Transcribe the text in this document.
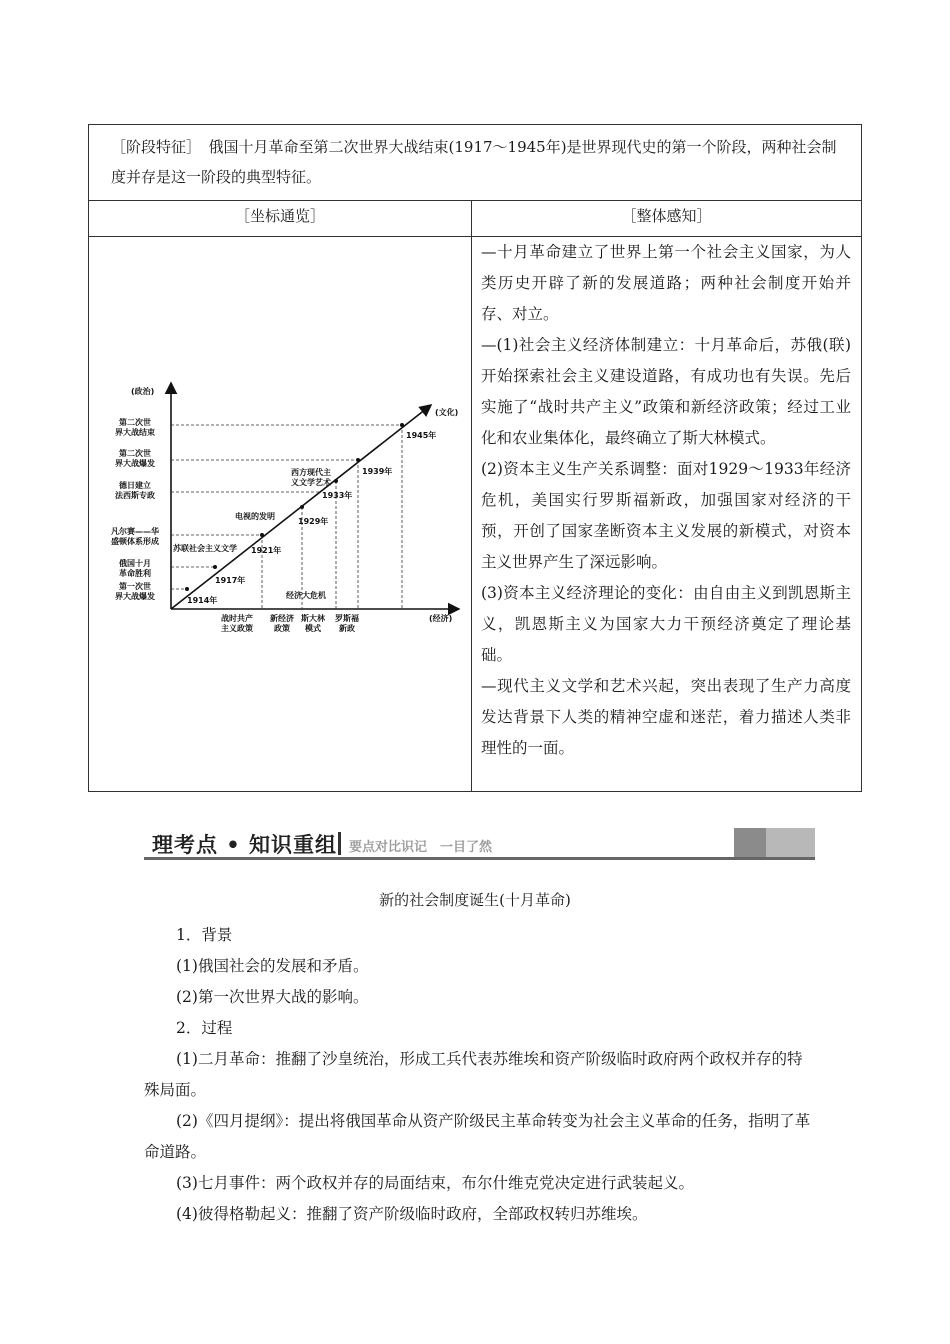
［阶段特征］　俄国十月革命至第二次世界大战结束(1917～1945年)是世界现代史的第一个阶段，两种社会制度并存是这一阶段的典型特征。

［坐标通览］	［整体感知］
(政治)
(经济)
(文化)
第二次世界大战结束
第二次世界大战爆发
德日建立法西斯专政
凡尔赛——华盛顿体系形成
俄国十月革命胜利
第一次世界大战爆发
战时共产主义政策
新经济政策
斯大林模式
罗斯福新政
1914年
1917年
1921年
1929年
1933年
1939年
1945年
苏联社会主义文学
电视的发明
西方现代主义文学艺术
经济大危机

—十月革命建立了世界上第一个社会主义国家，为人类历史开辟了新的发展道路；两种社会制度开始并存、对立。

—(1)社会主义经济体制建立：十月革命后，苏俄(联)开始探索社会主义建设道路，有成功也有失误。先后实施了“战时共产主义”政策和新经济政策；经过工业化和农业集体化，最终确立了斯大林模式。

(2)资本主义生产关系调整：面对1929～1933年经济危机，美国实行罗斯福新政，加强国家对经济的干预，开创了国家垄断资本主义发展的新模式，对资本主义世界产生了深远影响。

(3)资本主义经济理论的变化：由自由主义到凯恩斯主义，凯恩斯主义为国家大力干预经济奠定了理论基础。

—现代主义文学和艺术兴起，突出表现了生产力高度发达背景下人类的精神空虚和迷茫，着力描述人类非理性的一面。

理考点 • 知识重组 要点对比识记　一目了然
新的社会制度诞生(十月革命)

1．背景

(1)俄国社会的发展和矛盾。

(2)第一次世界大战的影响。

2．过程

(1)二月革命：推翻了沙皇统治，形成工兵代表苏维埃和资产阶级临时政府两个政权并存的特殊局面。

(2)《四月提纲》：提出将俄国革命从资产阶级民主革命转变为社会主义革命的任务，指明了革命道路。

(3)七月事件：两个政权并存的局面结束，布尔什维克党决定进行武装起义。

(4)彼得格勒起义：推翻了资产阶级临时政府，全部政权转归苏维埃。
